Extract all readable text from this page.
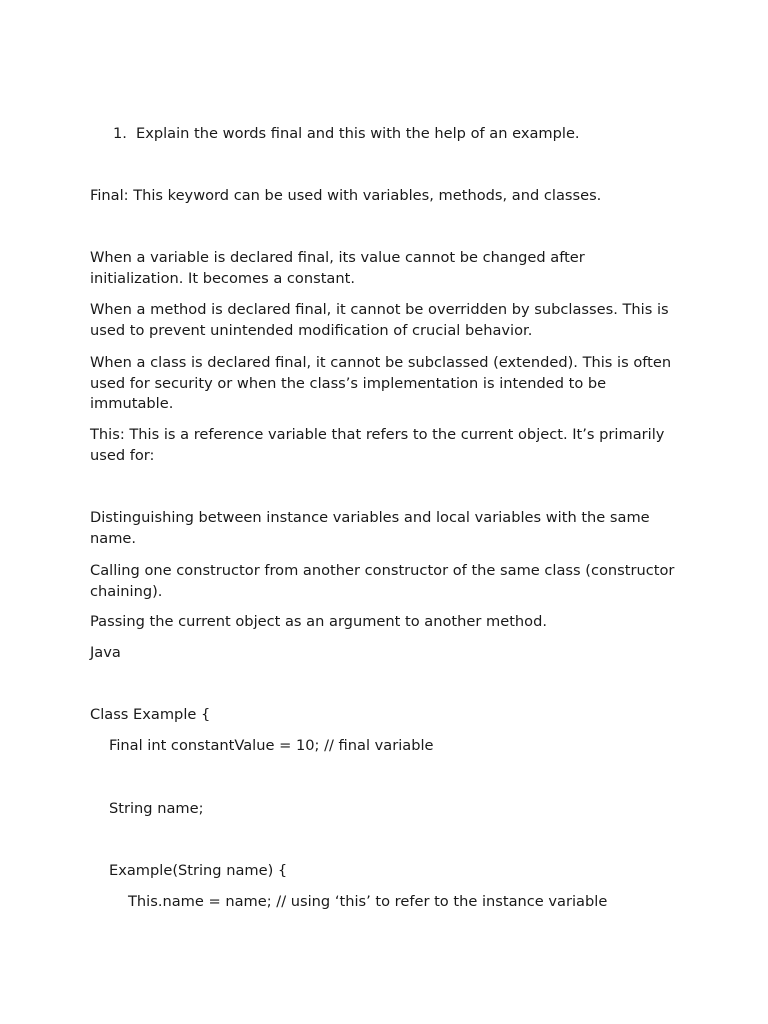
1. Explain the words final and this with the help of an example.
Final: This keyword can be used with variables, methods, and classes.
When a variable is declared final, its value cannot be changed after initialization. It becomes a constant.
When a method is declared final, it cannot be overridden by subclasses. This is used to prevent unintended modification of crucial behavior.
When a class is declared final, it cannot be subclassed (extended). This is often used for security or when the class’s implementation is intended to be immutable.
This: This is a reference variable that refers to the current object. It’s primarily used for:
Distinguishing between instance variables and local variables with the same name.
Calling one constructor from another constructor of the same class (constructor chaining).
Passing the current object as an argument to another method.
Java
Class Example {
Final int constantValue = 10; // final variable
String name;
Example(String name) {
This.name = name; // using ‘this’ to refer to the instance variable
